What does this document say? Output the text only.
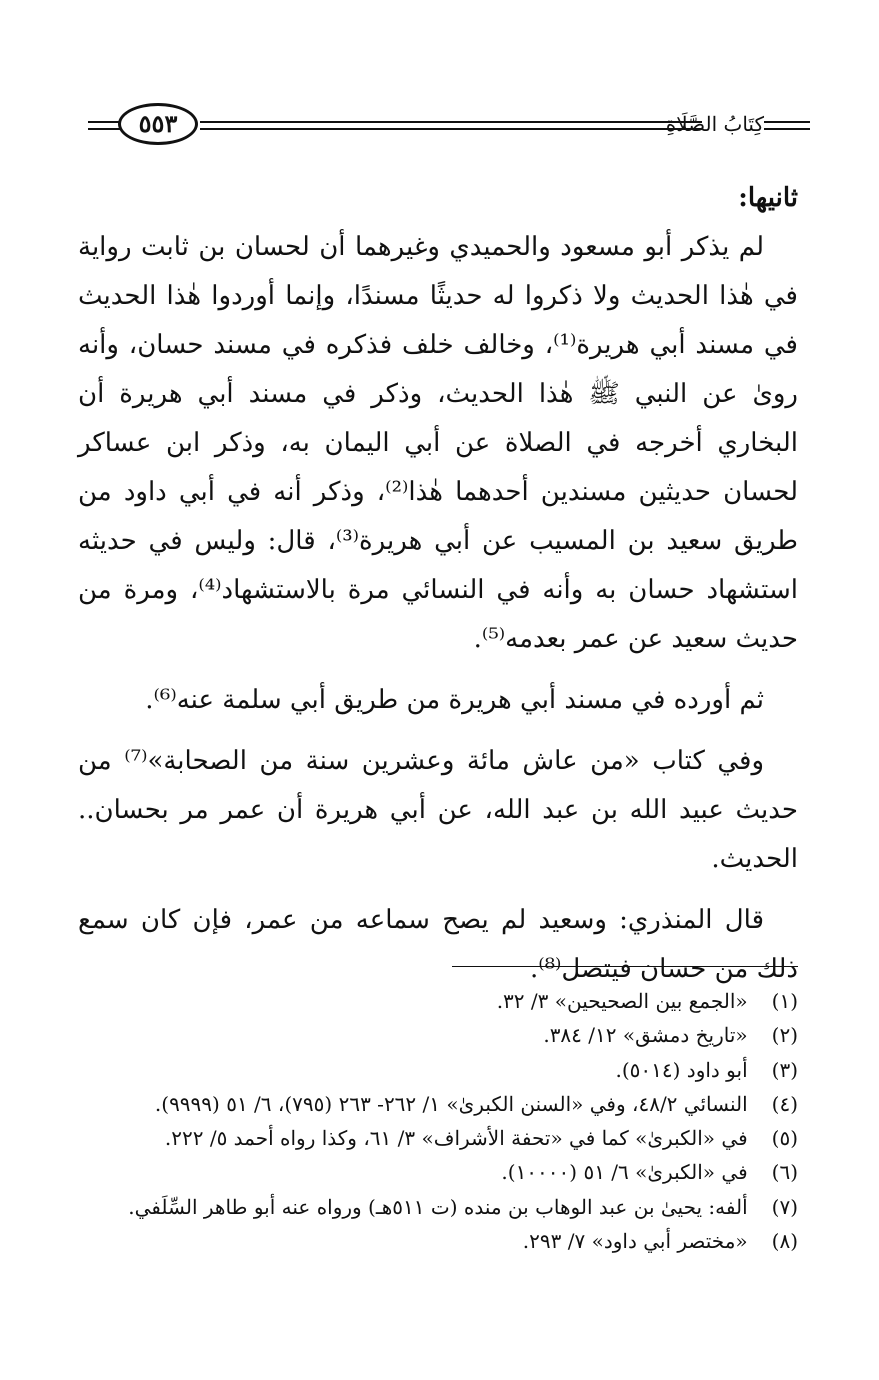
٥٥٣	كِتَابُ الصَّلَاةِ

ثانيها:

لم يذكر أبو مسعود والحميدي وغيرهما أن لحسان بن ثابت رواية في هٰذا الحديث ولا ذكروا له حديثًا مسندًا، وإنما أوردوا هٰذا الحديث في مسند أبي هريرة⁽¹⁾، وخالف خلف فذكره في مسند حسان، وأنه رویٰ عن النبي ﷺ هٰذا الحديث، وذكر في مسند أبي هريرة أن البخاري أخرجه في الصلاة عن أبي اليمان به، وذكر ابن عساكر لحسان حديثين مسندين أحدهما هٰذا⁽²⁾، وذكر أنه في أبي داود من طريق سعيد بن المسيب عن أبي هريرة⁽³⁾، قال: وليس في حديثه استشهاد حسان به وأنه في النسائي مرة بالاستشهاد⁽⁴⁾، ومرة من حديث سعيد عن عمر بعدمه⁽⁵⁾.

ثم أورده في مسند أبي هريرة من طريق أبي سلمة عنه⁽⁶⁾.

وفي كتاب «من عاش مائة وعشرين سنة من الصحابة»⁽⁷⁾ من حديث عبيد الله بن عبد الله، عن أبي هريرة أن عمر مر بحسان.. الحديث.

قال المنذري: وسعيد لم يصح سماعه من عمر، فإن كان سمع ذلك من حسان فيتصل⁽⁸⁾.

(١) «الجمع بين الصحيحين» ٣/ ٣٢.
(٢) «تاريخ دمشق» ١٢/ ٣٨٤.
(٣) أبو داود (٥٠١٤).
(٤) النسائي ٤٨/٢، وفي «السنن الكبرىٰ» ١/ ٢٦٢- ٢٦٣ (٧٩٥)، ٦/ ٥١ (٩٩٩٩).
(٥) في «الكبرىٰ» كما في «تحفة الأشراف» ٣/ ٦١، وكذا رواه أحمد ٥/ ٢٢٢.
(٦) في «الكبرىٰ» ٦/ ٥١ (١٠٠٠٠).
(٧) ألفه: يحيىٰ بن عبد الوهاب بن منده (ت ٥١١هـ) ورواه عنه أبو طاهر السِّلَفي.
(٨) «مختصر أبي داود» ٧/ ٢٩٣.
